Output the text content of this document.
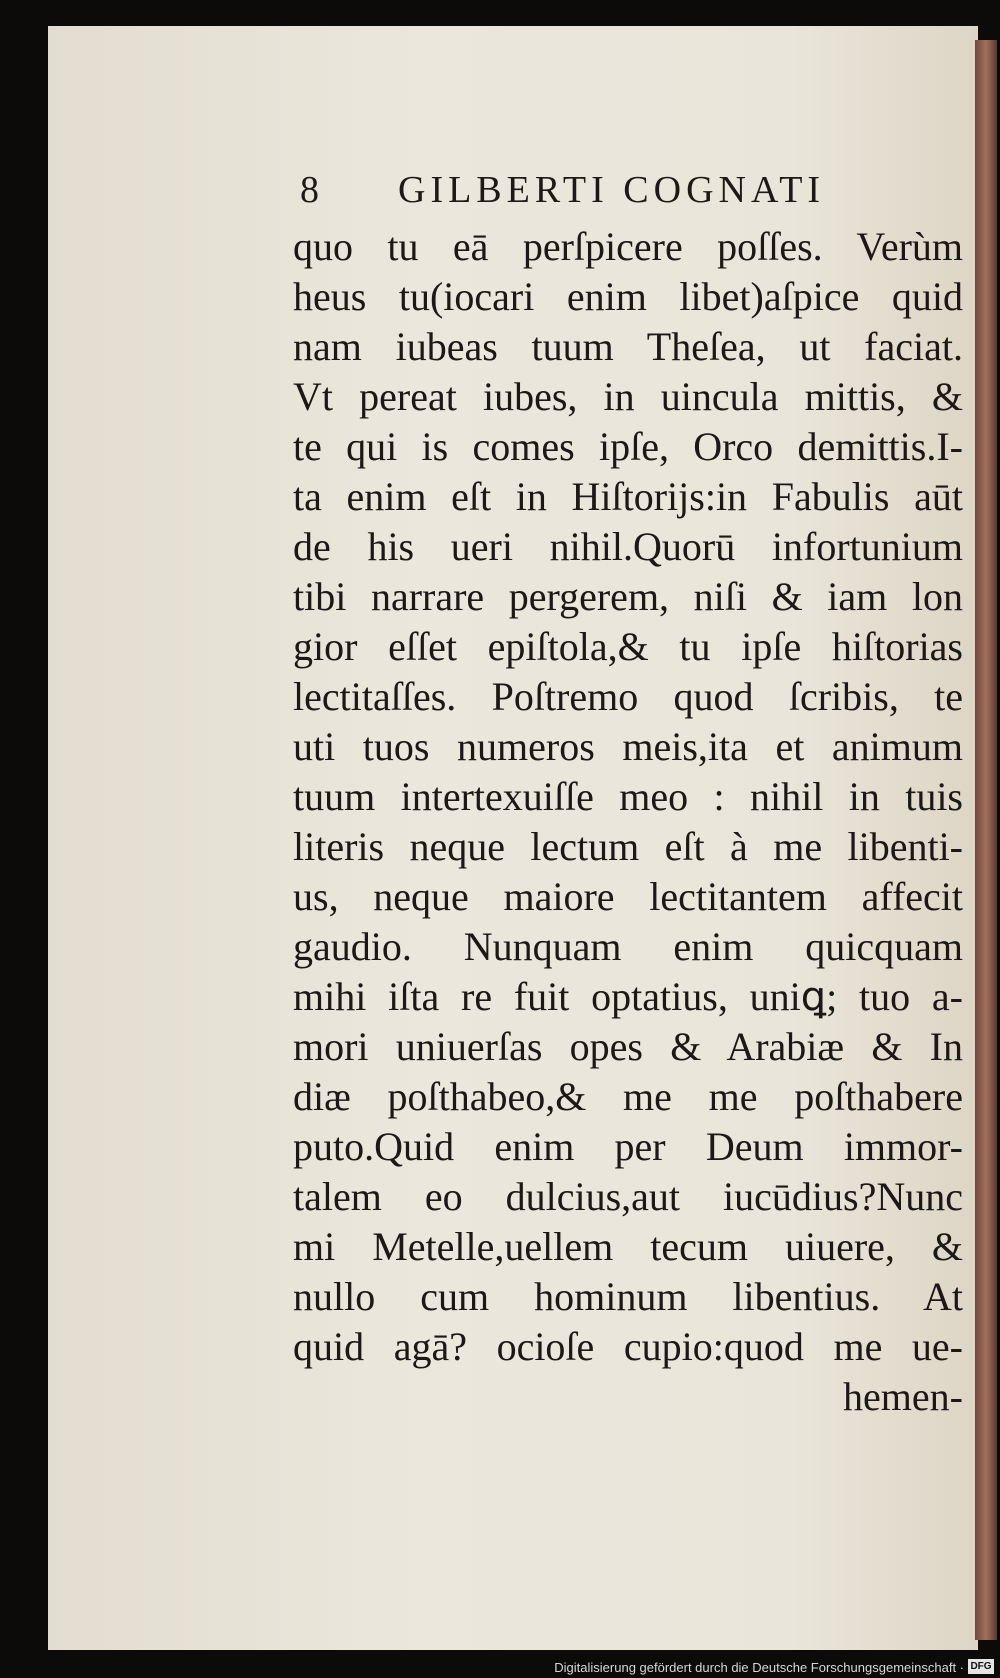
8 GILBERTI COGNATI
quo tu eā perſpicere poſſes. Verùm
heus tu(iocari enim libet)aſpice quid
nam iubeas tuum Theſea, ut faciat.
Vt pereat iubes, in uincula mittis, &
te qui is comes ipſe, Orco demittis.I-
ta enim eſt in Hiſtorijs:in Fabulis aūt
de his ueri nihil.Quorū infortunium
tibi narrare pergerem, niſi & iam lon
gior eſſet epiſtola,& tu ipſe hiſtorias
lectitaſſes. Poſtremo quod ſcribis, te
uti tuos numeros meis,ita et animum
tuum intertexuiſſe meo : nihil in tuis
literis neque lectum eſt à me libenti-
us, neque maiore lectitantem affecit
gaudio. Nunquam enim quicquam
mihi iſta re fuit optatius, uniꝗ; tuo a-
mori uniuerſas opes & Arabiæ & In
diæ poſthabeo,& me me poſthabere
puto.Quid enim per Deum immor-
talem eo dulcius,aut iucūdius?Nunc
mi Metelle,uellem tecum uiuere, &
nullo cum hominum libentius. At
quid agā? ocioſe cupio:quod me ue-
hemen-
Digitalisierung gefördert durch die Deutsche Forschungsgemeinschaft · DFG
